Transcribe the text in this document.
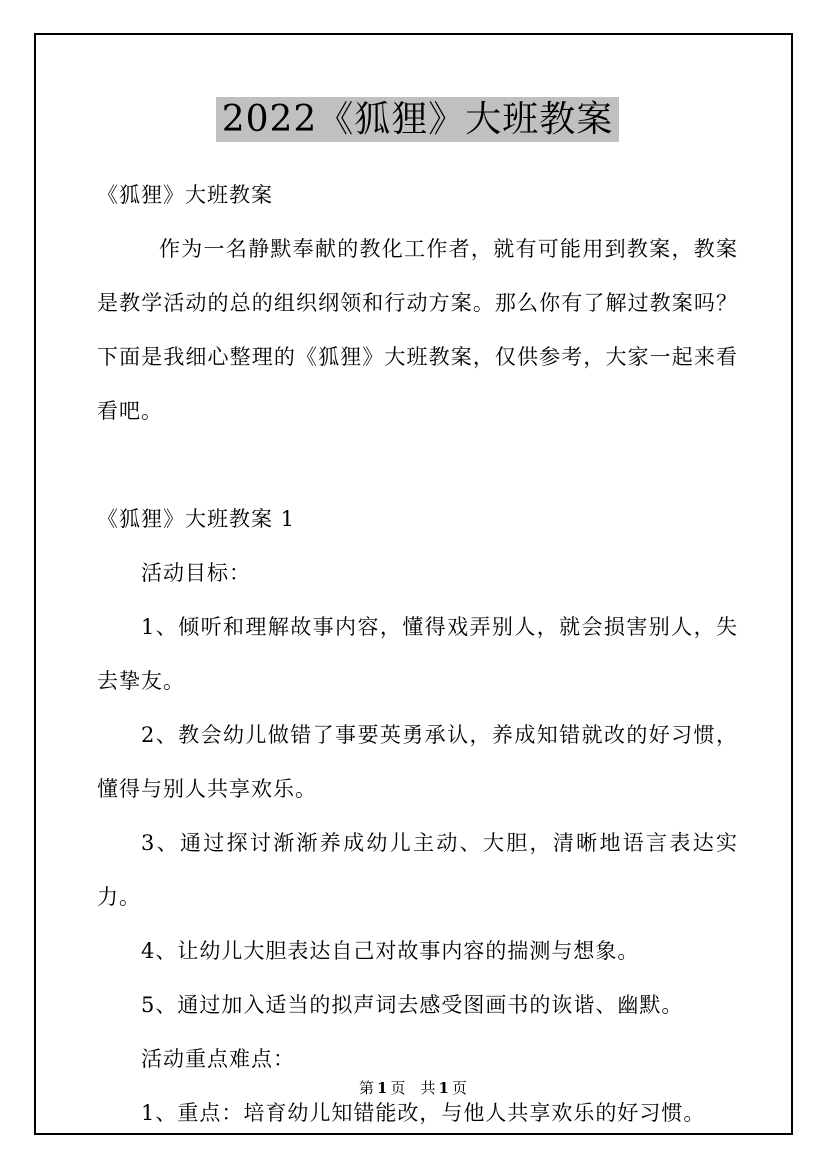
2022《狐狸》大班教案

《狐狸》大班教案

作为一名静默奉献的教化工作者，就有可能用到教案，教案是教学活动的总的组织纲领和行动方案。那么你有了解过教案吗？下面是我细心整理的《狐狸》大班教案，仅供参考，大家一起来看看吧。

《狐狸》大班教案 1

活动目标：

1、倾听和理解故事内容，懂得戏弄别人，就会损害别人，失去挚友。

2、教会幼儿做错了事要英勇承认，养成知错就改的好习惯，懂得与别人共享欢乐。

3、通过探讨渐渐养成幼儿主动、大胆，清晰地语言表达实力。

4、让幼儿大胆表达自己对故事内容的揣测与想象。

5、通过加入适当的拟声词去感受图画书的诙谐、幽默。

活动重点难点：

1、重点：培育幼儿知错能改，与他人共享欢乐的好习惯。

第 1 页 共 1 页
